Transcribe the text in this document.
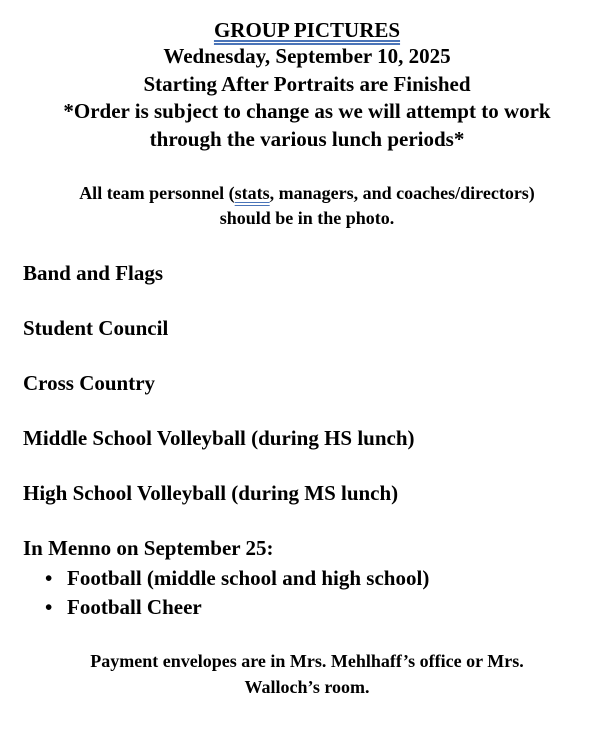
GROUP PICTURES
Wednesday, September 10, 2025
Starting After Portraits are Finished
*Order is subject to change as we will attempt to work
through the various lunch periods*
All team personnel (stats, managers, and coaches/directors)
should be in the photo.
Band and Flags
Student Council
Cross Country
Middle School Volleyball (during HS lunch)
High School Volleyball (during MS lunch)
In Menno on September 25:
• Football (middle school and high school)
• Football Cheer
Payment envelopes are in Mrs. Mehlhaff’s office or Mrs.
Walloch’s room.
